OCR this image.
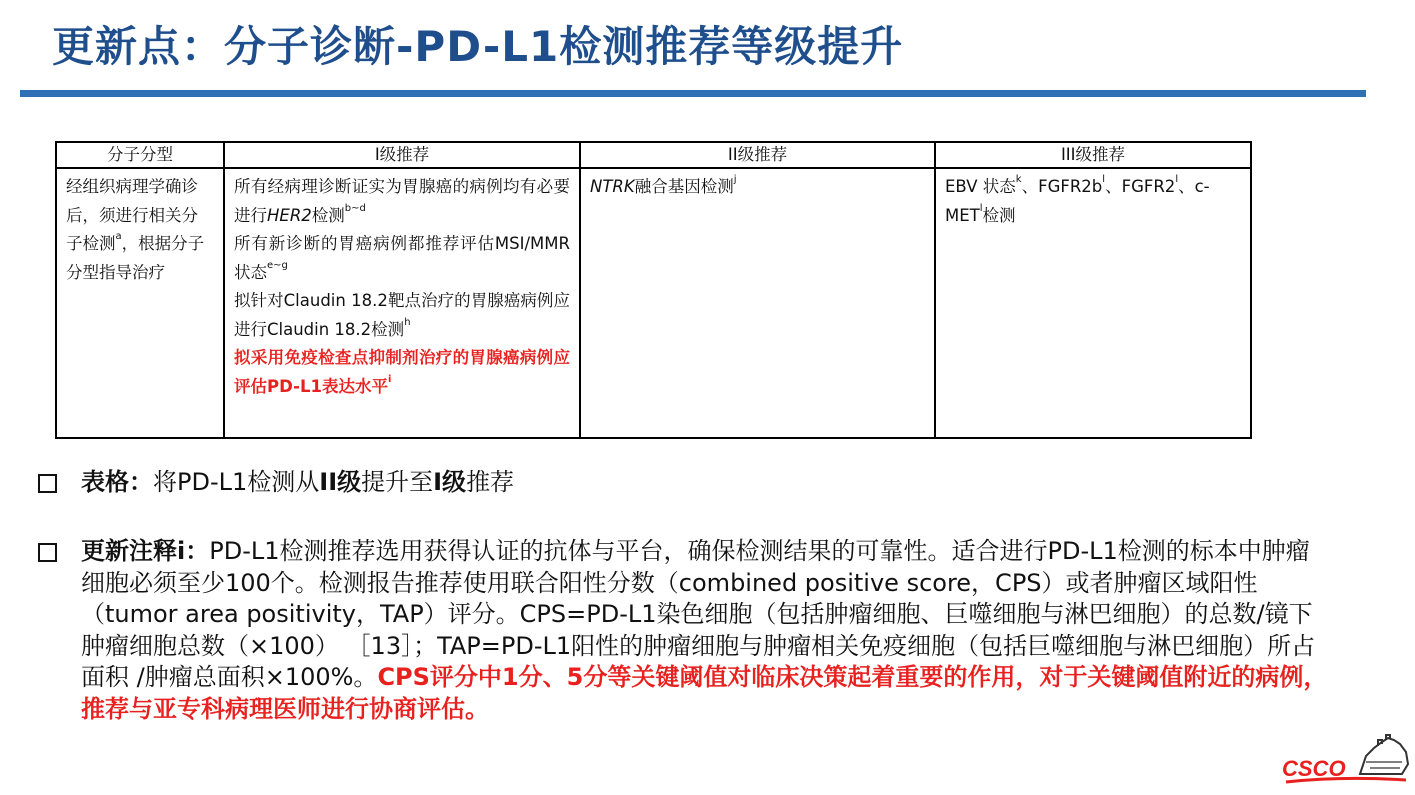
更新点：分子诊断-PD-L1检测推荐等级提升
分子分型	I级推荐	II级推荐	III级推荐
经组织病理学确诊后，须进行相关分子检测$^a$，根据分子分型指导治疗	所有经病理诊断证实为胃腺癌的病例均有必要进行HER2检测$^{b\sim d}$
所有新诊断的胃癌病例都推荐评估MSI/MMR状态$^{e\sim g}$
拟针对Claudin 18.2靶点治疗的胃腺癌病例应进行Claudin 18.2检测$^h$
拟采用免疫检查点抑制剂治疗的胃腺癌病例应评估PD-L1表达水平$^i$	NTRK融合基因检测$^j$	EBV 状态$^k$、$FGFR2b^l$、FGFR2$^l$、c-MET$^l$检测
表格：将PD-L1检测从II级提升至I级推荐
更新注释i：PD-L1检测推荐选用获得认证的抗体与平台，确保检测结果的可靠性。适合进行PD-L1检测的标本中肿瘤细胞必须至少100个。检测报告推荐使用联合阳性分数（combined positive score，CPS）或者肿瘤区域阳性（tumor area positivity，TAP）评分。CPS=PD-L1染色细胞（包括肿瘤细胞、巨噬细胞与淋巴细胞）的总数/镜下肿瘤细胞总数（×100） ［13］；TAP=PD-L1阳性的肿瘤细胞与肿瘤相关免疫细胞（包括巨噬细胞与淋巴细胞）所占面积 /肿瘤总面积×100%。CPS评分中1分、5分等关键阈值对临床决策起着重要的作用，对于关键阈值附近的病例，推荐与亚专科病理医师进行协商评估。
CSCO
